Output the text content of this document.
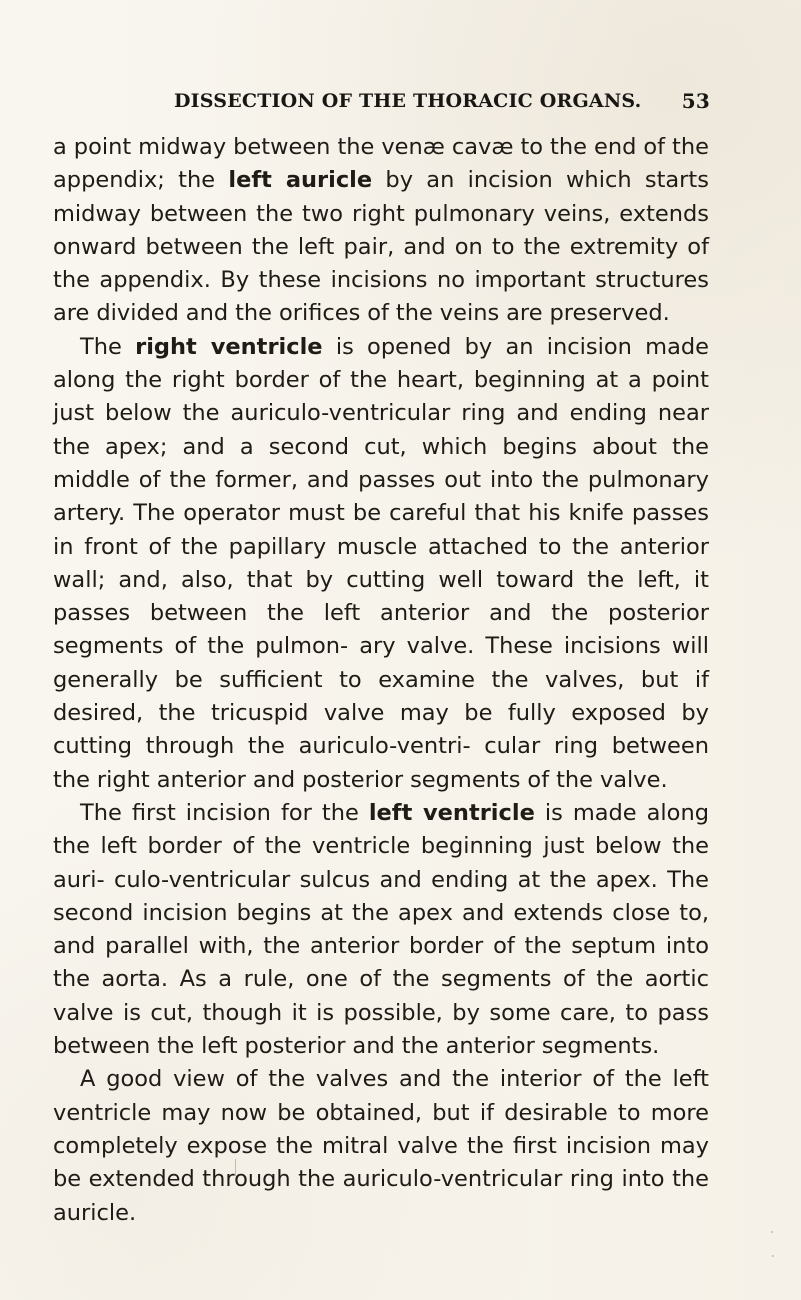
DISSECTION OF THE THORACIC ORGANS. 53

a point midway between the venæ cavæ to the end of the appendix; the left auricle by an incision which starts midway between the two right pulmonary veins, extends onward between the left pair, and on to the extremity of the appendix. By these incisions no important structures are divided and the orifices of the veins are preserved.

The right ventricle is opened by an incision made along the right border of the heart, beginning at a point just below the auriculo-ventricular ring and ending near the apex; and a second cut, which begins about the middle of the former, and passes out into the pulmonary artery. The operator must be careful that his knife passes in front of the papillary muscle attached to the anterior wall; and, also, that by cutting well toward the left, it passes between the left anterior and the posterior segments of the pulmon- ary valve. These incisions will generally be sufficient to examine the valves, but if desired, the tricuspid valve may be fully exposed by cutting through the auriculo-ventri- cular ring between the right anterior and posterior segments of the valve.

The first incision for the left ventricle is made along the left border of the ventricle beginning just below the auri- culo-ventricular sulcus and ending at the apex. The second incision begins at the apex and extends close to, and parallel with, the anterior border of the septum into the aorta. As a rule, one of the segments of the aortic valve is cut, though it is possible, by some care, to pass between the left posterior and the anterior segments.

A good view of the valves and the interior of the left ventricle may now be obtained, but if desirable to more completely expose the mitral valve the first incision may be extended through the auriculo-ventricular ring into the auricle.
